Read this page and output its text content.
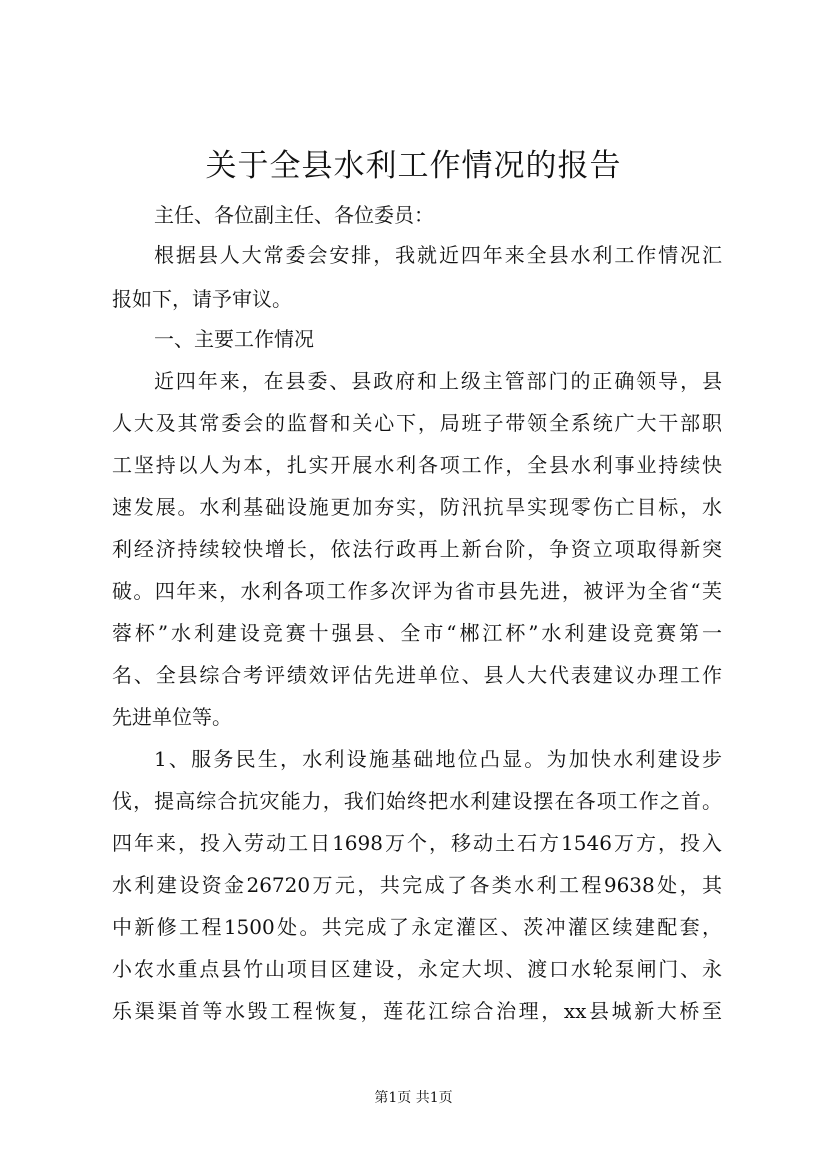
关于全县水利工作情况的报告
主任、各位副主任、各位委员：
根据县人大常委会安排，我就近四年来全县水利工作情况汇
报如下，请予审议。
一、主要工作情况
近四年来，在县委、县政府和上级主管部门的正确领导，县
人大及其常委会的监督和关心下，局班子带领全系统广大干部职
工坚持以人为本，扎实开展水利各项工作，全县水利事业持续快
速发展。水利基础设施更加夯实，防汛抗旱实现零伤亡目标，水
利经济持续较快增长，依法行政再上新台阶，争资立项取得新突
破。四年来，水利各项工作多次评为省市县先进，被评为全省“芙
蓉杯”水利建设竞赛十强县、全市“郴江杯”水利建设竞赛第一
名、全县综合考评绩效评估先进单位、县人大代表建议办理工作
先进单位等。
1、服务民生，水利设施基础地位凸显。为加快水利建设步
伐，提高综合抗灾能力，我们始终把水利建设摆在各项工作之首。
四年来，投入劳动工日1698万个，移动土石方1546万方，投入
水利建设资金26720万元，共完成了各类水利工程9638处，其
中新修工程1500处。共完成了永定灌区、茨冲灌区续建配套，
小农水重点县竹山项目区建设，永定大坝、渡口水轮泵闸门、永
乐渠渠首等水毁工程恢复，莲花江综合治理，xx县城新大桥至
第1页 共1页
